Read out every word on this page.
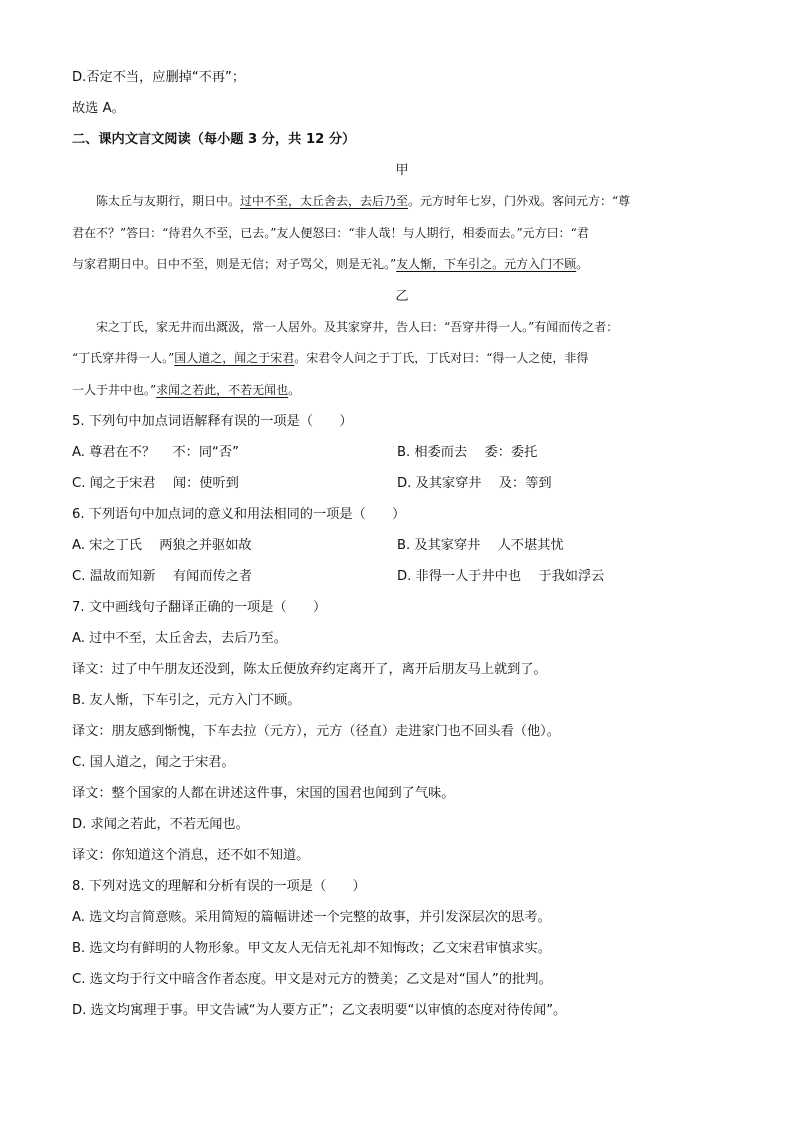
D.否定不当，应删掉“不再”；
故选 A。
二、课内文言文阅读（每小题 3 分，共 12 分）
甲
陈太丘与友期行，期日中。过中不至，太丘舍去，去后乃至。元方时年七岁，门外戏。客问元方：“尊
君在不？”答曰：“待君久不至，已去。”友人便怒曰：“非人哉！与人期行，相委而去。”元方曰：“君
与家君期日中。日中不至，则是无信；对子骂父，则是无礼。”友人惭，下车引之。元方入门不顾。
乙
宋之丁氏，家无井而出溉汲，常一人居外。及其家穿井，告人曰：“吾穿井得一人。”有闻而传之者：
“丁氏穿井得一人。”国人道之，闻之于宋君。宋君令人问之于丁氏，丁氏对曰：“得一人之使，非得
一人于井中也。”求闻之若此，不若无闻也。
5. 下列句中加点词语解释有误的一项是（　　）
A. 尊君在不？　 不：同“否”	B. 相委而去　 委：委托
C. 闻之于宋君　 闻：使听到	D. 及其家穿井　 及：等到
6. 下列语句中加点词的意义和用法相同的一项是（　　）
A. 宋之丁氏　 两狼之并驱如故	B. 及其家穿井　 人不堪其忧
C. 温故而知新　 有闻而传之者	D. 非得一人于井中也　 于我如浮云
7. 文中画线句子翻译正确的一项是（　　）
A. 过中不至，太丘舍去，去后乃至。
译文：过了中午朋友还没到，陈太丘便放弃约定离开了，离开后朋友马上就到了。
B. 友人惭，下车引之，元方入门不顾。
译文：朋友感到惭愧，下车去拉（元方），元方（径直）走进家门也不回头看（他）。
C. 国人道之，闻之于宋君。
译文：整个国家的人都在讲述这件事，宋国的国君也闻到了气味。
D. 求闻之若此，不若无闻也。
译文：你知道这个消息，还不如不知道。
8. 下列对选文的理解和分析有误的一项是（　　）
A. 选文均言简意赅。采用简短的篇幅讲述一个完整的故事，并引发深层次的思考。
B. 选文均有鲜明的人物形象。甲文友人无信无礼却不知悔改；乙文宋君审慎求实。
C. 选文均于行文中暗含作者态度。甲文是对元方的赞美；乙文是对“国人”的批判。
D. 选文均寓理于事。甲文告诫“为人要方正”；乙文表明要“以审慎的态度对待传闻”。
